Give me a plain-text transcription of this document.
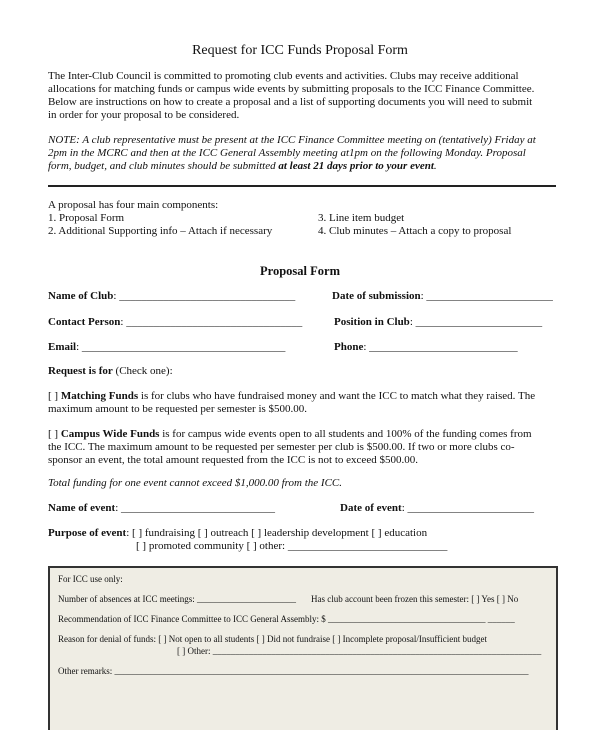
Request for ICC Funds Proposal Form
The Inter-Club Council is committed to promoting club events and activities. Clubs may receive additional
allocations for matching funds or campus wide events by submitting proposals to the ICC Finance Committee.
Below are instructions on how to create a proposal and a list of supporting documents you will need to submit
in order for your proposal to be considered.
NOTE: A club representative must be present at the ICC Finance Committee meeting on (tentatively) Friday at
2pm in the MCRC and then at the ICC General Assembly meeting at1pm on the following Monday. Proposal
form, budget, and club minutes should be submitted at least 21 days prior to your event.
A proposal has four main components:
1. Proposal Form
2. Additional Supporting info – Attach if necessary
3. Line item budget
4. Club minutes – Attach a copy to proposal
Proposal Form
Name of Club: ________________________________	Date of submission: _______________________
Contact Person: ________________________________	Position in Club: _______________________
Email: _____________________________________	Phone: ___________________________
Request is for (Check one):
[ ] Matching Funds is for clubs who have fundraised money and want the ICC to match what they raised. The
maximum amount to be requested per semester is $500.00.
[ ] Campus Wide Funds is for campus wide events open to all students and 100% of the funding comes from
the ICC. The maximum amount to be requested per semester per club is $500.00. If two or more clubs co-
sponsor an event, the total amount requested from the ICC is not to exceed $500.00.
Total funding for one event cannot exceed $1,000.00 from the ICC.
Name of event: ____________________________	Date of event: _______________________
Purpose of event: [ ] fundraising [ ] outreach [ ] leadership development [ ] education
[ ] promoted community [ ] other: _____________________________
For ICC use only:
Number of absences at ICC meetings: ______________________ Has club account been frozen this semester: [ ] Yes [ ] No
Recommendation of ICC Finance Committee to ICC General Assembly: $ ___________________________________ ______
Reason for denial of funds: [ ] Not open to all students [ ] Did not fundraise [ ] Incomplete proposal/Insufficient budget
[ ] Other: _________________________________________________________________________
Other remarks: ____________________________________________________________________________________________
